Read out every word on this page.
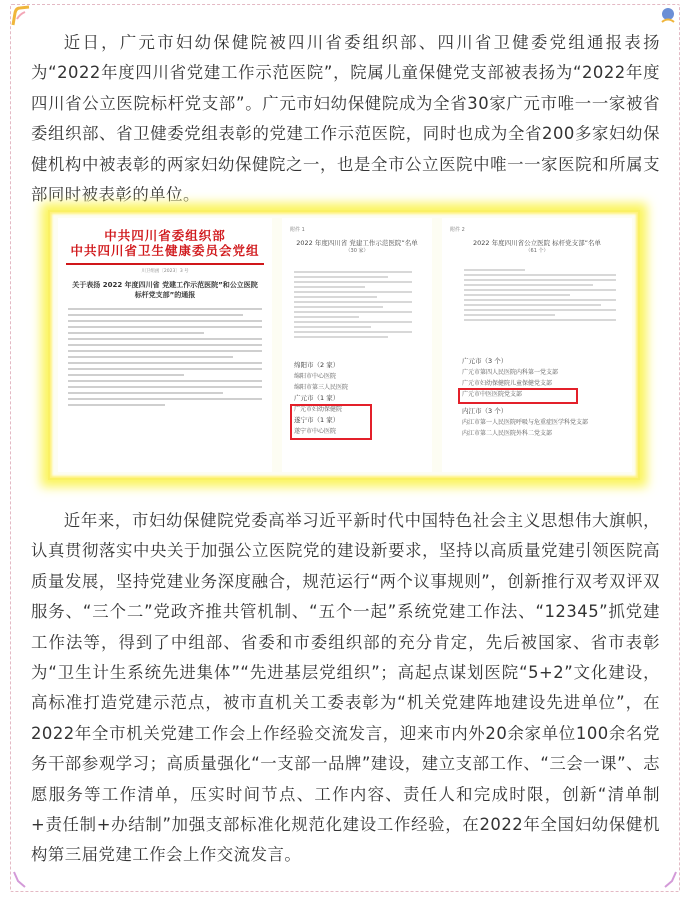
近日，广元市妇幼保健院被四川省委组织部、四川省卫健委党组通报表扬为“2022年度四川省党建工作示范医院”，院属儿童保健党支部被表扬为“2022年度四川省公立医院标杆党支部”。广元市妇幼保健院成为全省30家广元市唯一一家被省委组织部、省卫健委党组表彰的党建工作示范医院，同时也成为全省200多家妇幼保健机构中被表彰的两家妇幼保健院之一，也是全市公立医院中唯一一家医院和所属支部同时被表彰的单位。

中共四川省委组织部

中共四川省卫生健康委员会党组

川卫组函〔2023〕3 号

关于表扬 2022 年度四川省 党建工作示范医院”和公立医院 标杆党支部”的通报

附件 1
2022 年度四川省 党建工作示范医院”名单
（30 家）
绵阳市（2 家）
绵阳市中心医院
绵阳市第三人民医院
广元市（1 家）
广元市妇幼保健院
遂宁市（1 家）
遂宁市中心医院
附件 2
2022 年度四川省公立医院 标杆党支部”名单
（61 个）
广元市（3 个）
广元市第四人民医院内科第一党支部
广元市妇幼保健院儿童保健党支部
广元市中医医院党支部
内江市（3 个）
内江市第一人民医院呼吸与危重症医学科党支部
内江市第二人民医院外科二党支部

近年来，市妇幼保健院党委高举习近平新时代中国特色社会主义思想伟大旗帜，认真贯彻落实中央关于加强公立医院党的建设新要求，坚持以高质量党建引领医院高质量发展，坚持党建业务深度融合，规范运行“两个议事规则”，创新推行双考双评双服务、“三个二”党政齐推共管机制、“五个一起”系统党建工作法、“12345”抓党建工作法等，得到了中组部、省委和市委组织部的充分肯定，先后被国家、省市表彰为“卫生计生系统先进集体”“先进基层党组织”；高起点谋划医院“5+2”文化建设，高标准打造党建示范点，被市直机关工委表彰为“机关党建阵地建设先进单位”，在2022年全市机关党建工作会上作经验交流发言，迎来市内外20余家单位100余名党务干部参观学习；高质量强化“一支部一品牌”建设，建立支部工作、“三会一课”、志愿服务等工作清单，压实时间节点、工作内容、责任人和完成时限，创新“清单制+责任制+办结制”加强支部标准化规范化建设工作经验，在2022年全国妇幼保健机构第三届党建工作会上作交流发言。
